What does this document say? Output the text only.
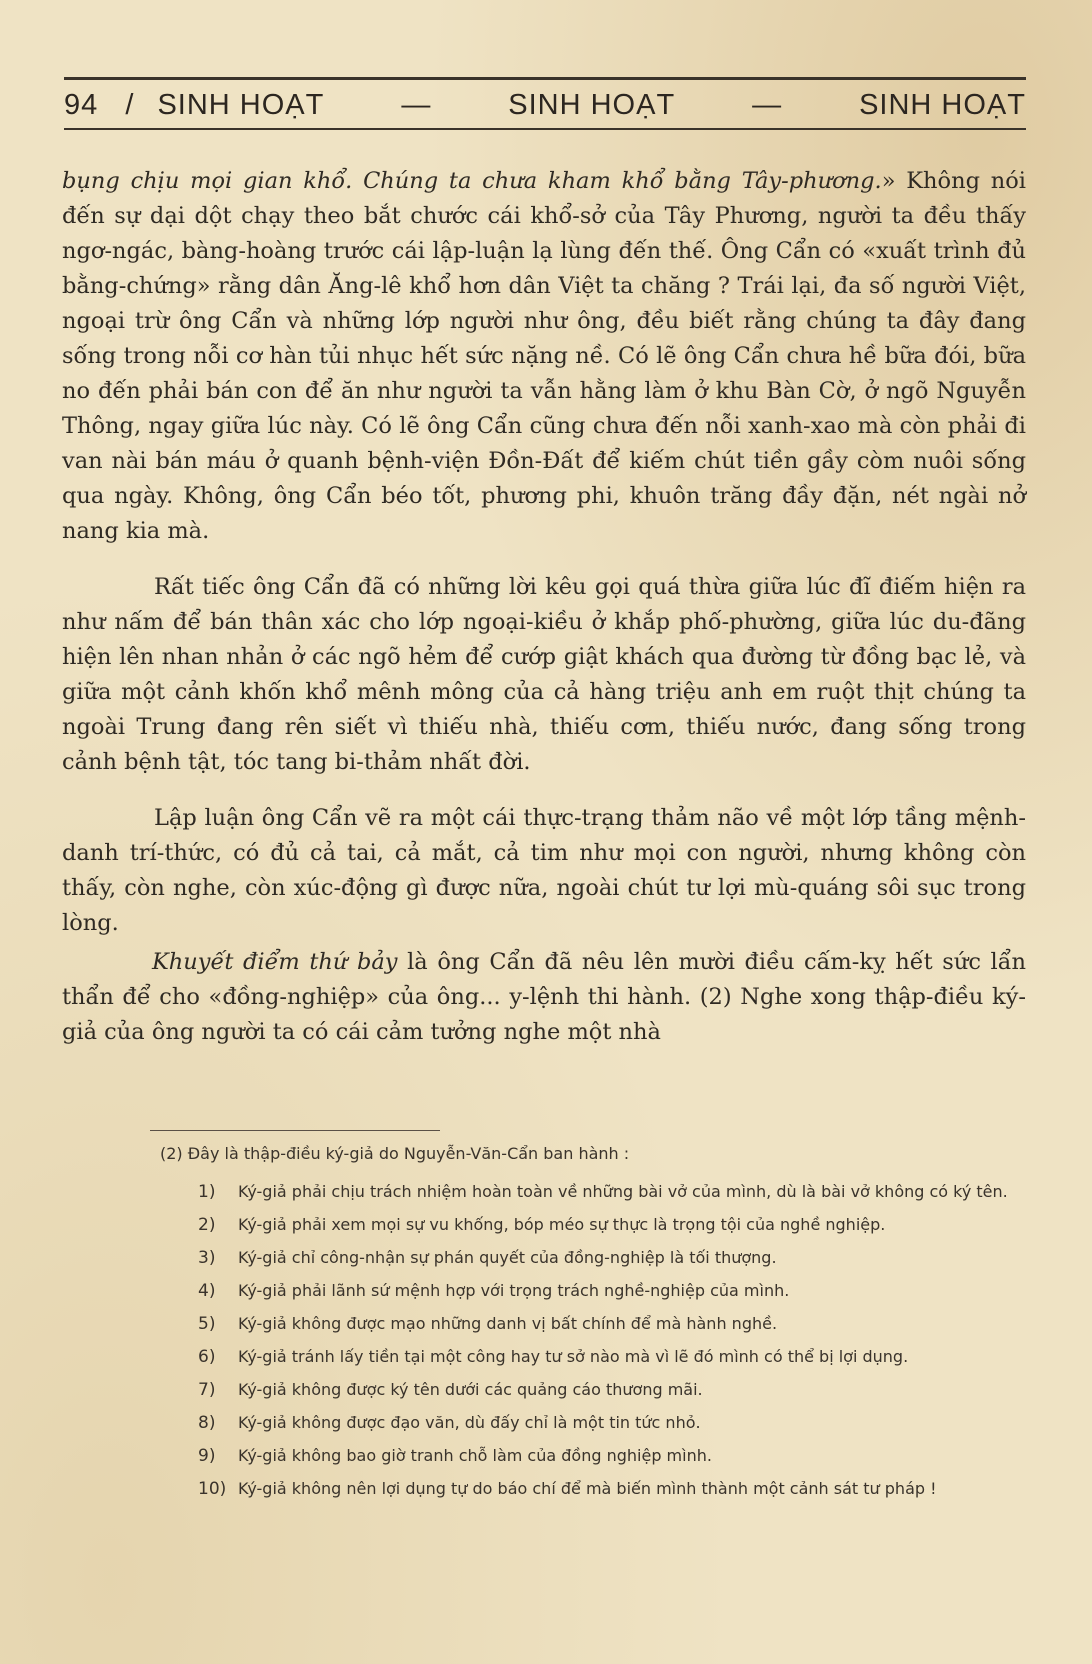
94 / SINH HOẠT	—	SINH HOẠT	—	SINH HOẠT

bụng chịu mọi gian khổ. Chúng ta chưa kham khổ bằng Tây-phương.» Không nói đến sự dại dột chạy theo bắt chước cái khổ-sở của Tây Phương, người ta đều thấy ngơ-ngác, bàng-hoàng trước cái lập-luận lạ lùng đến thế. Ông Cẩn có «xuất trình đủ bằng-chứng» rằng dân Ăng-lê khổ hơn dân Việt ta chăng ? Trái lại, đa số người Việt, ngoại trừ ông Cẩn và những lớp người như ông, đều biết rằng chúng ta đây đang sống trong nỗi cơ hàn tủi nhục hết sức nặng nề. Có lẽ ông Cẩn chưa hề bữa đói, bữa no đến phải bán con để ăn như người ta vẫn hằng làm ở khu Bàn Cờ, ở ngõ Nguyễn Thông, ngay giữa lúc này. Có lẽ ông Cẩn cũng chưa đến nỗi xanh-xao mà còn phải đi van nài bán máu ở quanh bệnh-viện Đồn-Đất để kiếm chút tiền gầy còm nuôi sống qua ngày. Không, ông Cẩn béo tốt, phương phi, khuôn trăng đầy đặn, nét ngài nở nang kia mà.

Rất tiếc ông Cẩn đã có những lời kêu gọi quá thừa giữa lúc đĩ điếm hiện ra như nấm để bán thân xác cho lớp ngoại-kiều ở khắp phố-phường, giữa lúc du-đãng hiện lên nhan nhản ở các ngõ hẻm để cướp giật khách qua đường từ đồng bạc lẻ, và giữa một cảnh khốn khổ mênh mông của cả hàng triệu anh em ruột thịt chúng ta ngoài Trung đang rên siết vì thiếu nhà, thiếu cơm, thiếu nước, đang sống trong cảnh bệnh tật, tóc tang bi-thảm nhất đời.

Lập luận ông Cẩn vẽ ra một cái thực-trạng thảm não về một lớp tầng mệnh-danh trí-thức, có đủ cả tai, cả mắt, cả tim như mọi con người, nhưng không còn thấy, còn nghe, còn xúc-động gì được nữa, ngoài chút tư lợi mù-quáng sôi sục trong lòng.

Khuyết điểm thứ bảy là ông Cẩn đã nêu lên mười điều cấm-kỵ hết sức lẩn thẩn để cho «đồng-nghiệp» của ông... y-lệnh thi hành. (2) Nghe xong thập-điều ký-giả của ông người ta có cái cảm tưởng nghe một nhà

(2) Đây là thập-điều ký-giả do Nguyễn-Văn-Cẩn ban hành :

1)	Ký-giả phải chịu trách nhiệm hoàn toàn về những bài vở của mình, dù là bài vở không có ký tên.
2)	Ký-giả phải xem mọi sự vu khống, bóp méo sự thực là trọng tội của nghề nghiệp.
3)	Ký-giả chỉ công-nhận sự phán quyết của đồng-nghiệp là tối thượng.
4)	Ký-giả phải lãnh sứ mệnh hợp với trọng trách nghề-nghiệp của mình.
5)	Ký-giả không được mạo những danh vị bất chính để mà hành nghề.
6)	Ký-giả tránh lấy tiền tại một công hay tư sở nào mà vì lẽ đó mình có thể bị lợi dụng.
7)	Ký-giả không được ký tên dưới các quảng cáo thương mãi.
8)	Ký-giả không được đạo văn, dù đấy chỉ là một tin tức nhỏ.
9)	Ký-giả không bao giờ tranh chỗ làm của đồng nghiệp mình.
10) Ký-giả không nên lợi dụng tự do báo chí để mà biến mình thành một cảnh sát tư pháp !
